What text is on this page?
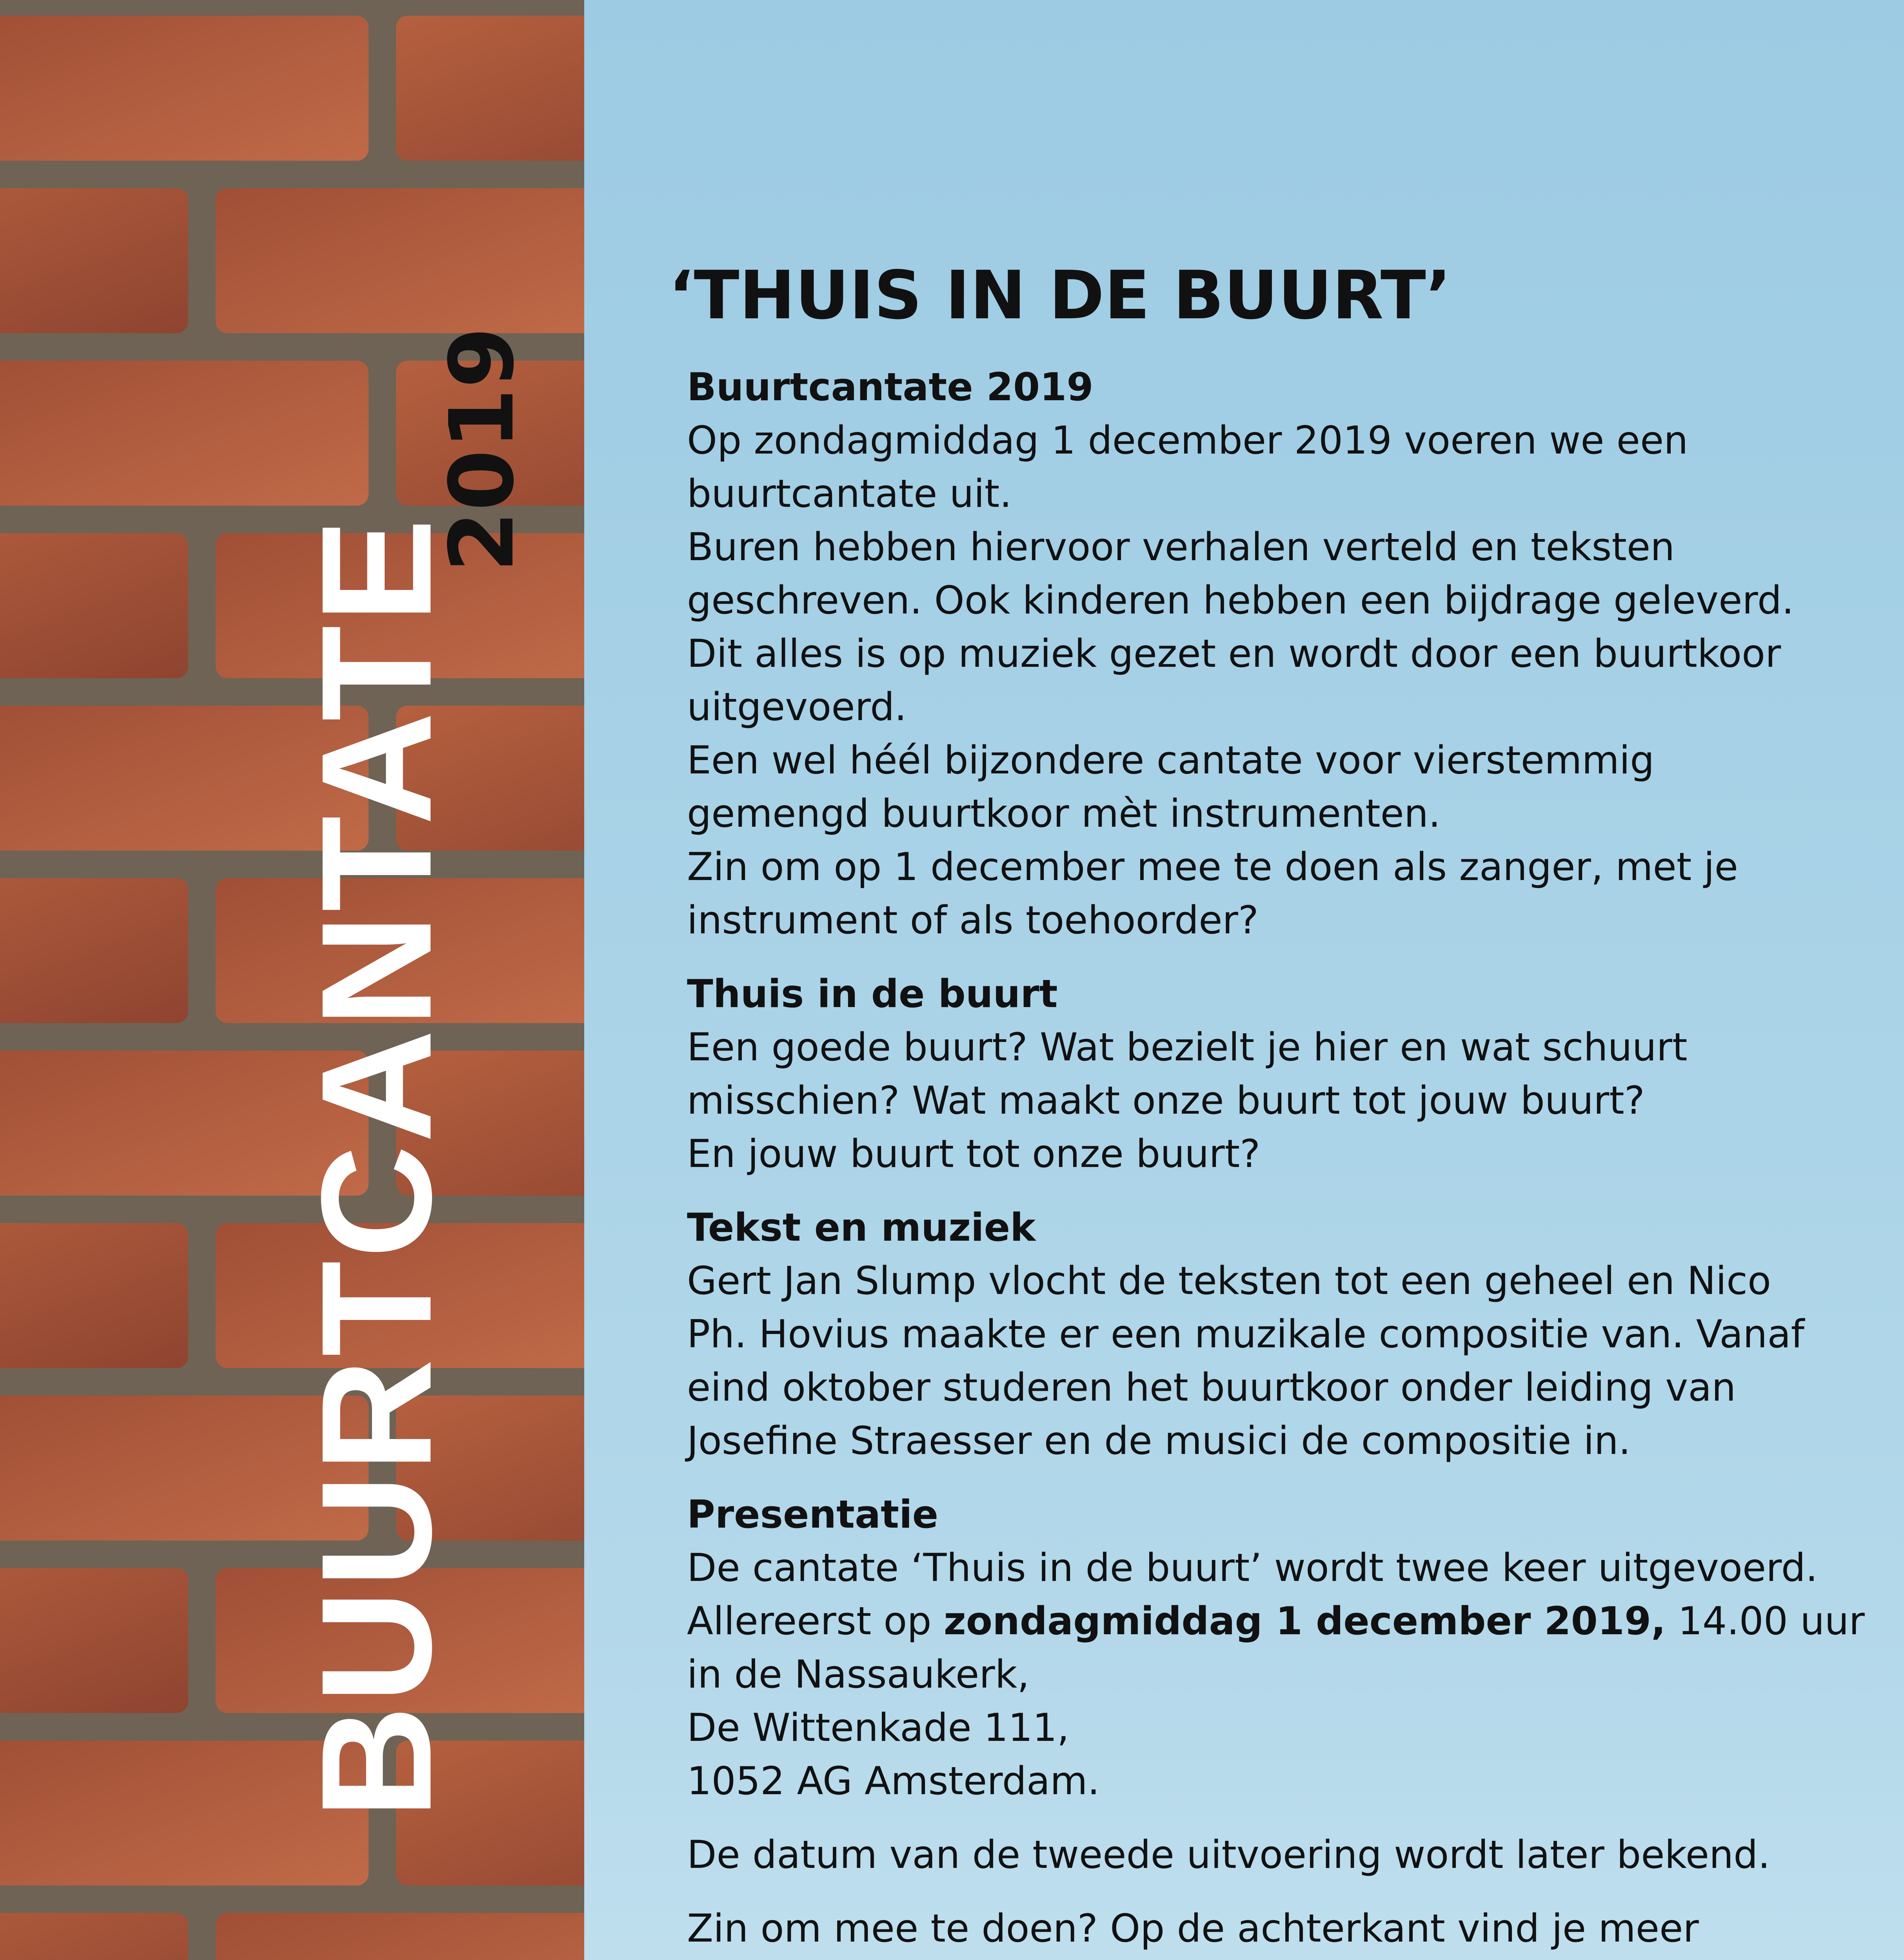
BUURTCANTATE
2019
‘THUIS IN DE BUURT’
Buurtcantate 2019

Op zondagmiddag 1 december 2019 voeren we een
buurtcantate uit.
Buren hebben hiervoor verhalen verteld en teksten
geschreven. Ook kinderen hebben een bijdrage geleverd.
Dit alles is op muziek gezet en wordt door een buurtkoor
uitgevoerd.
Een wel héél bijzondere cantate voor vierstemmig
gemengd buurtkoor mèt instrumenten.
Zin om op 1 december mee te doen als zanger, met je
instrument of als toehoorder?

Thuis in de buurt

Een goede buurt? Wat bezielt je hier en wat schuurt
misschien? Wat maakt onze buurt tot jouw buurt?
En jouw buurt tot onze buurt?

Tekst en muziek

Gert Jan Slump vlocht de teksten tot een geheel en Nico
Ph. Hovius maakte er een muzikale compositie van. Vanaf
eind oktober studeren het buurtkoor onder leiding van
Josefine Straesser en de musici de compositie in.

Presentatie

De cantate ‘Thuis in de buurt’ wordt twee keer uitgevoerd.
Allereerst op zondagmiddag 1 december 2019, 14.00 uur
in de Nassaukerk,
De Wittenkade 111,
1052 AG Amsterdam.

De datum van de tweede uitvoering wordt later bekend.

Zin om mee te doen? Op de achterkant vind je meer
